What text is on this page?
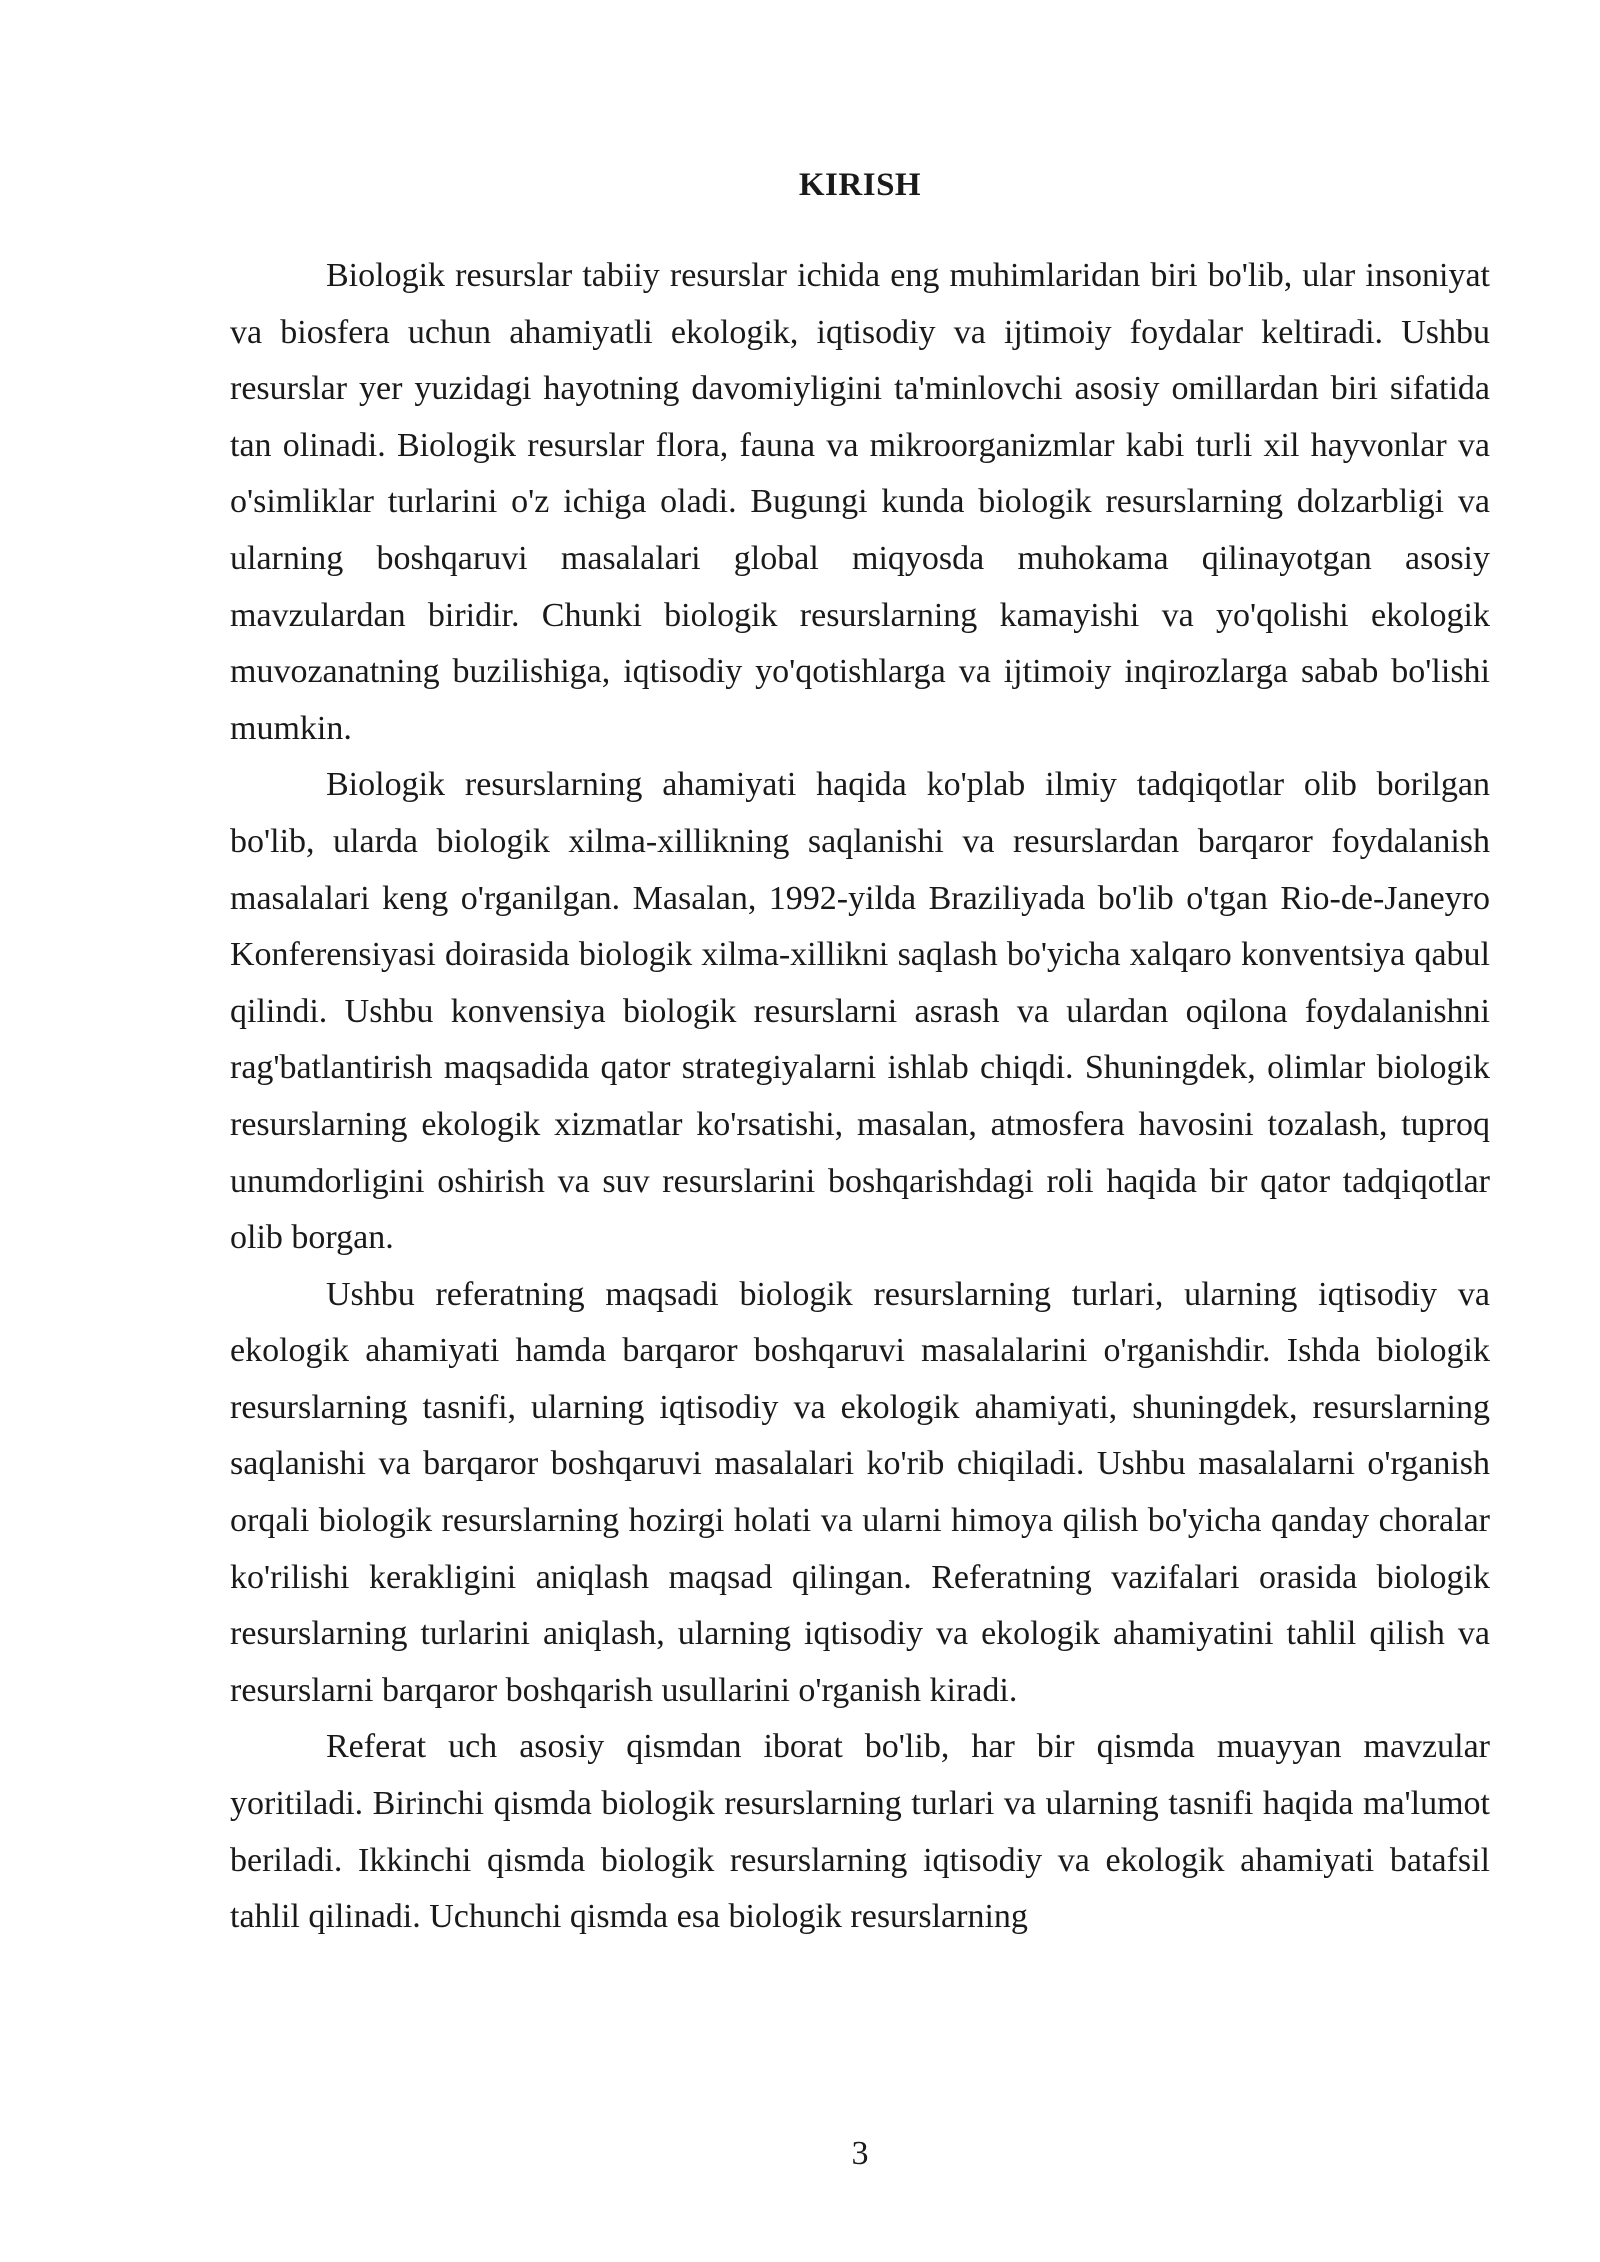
KIRISH

Biologik resurslar tabiiy resurslar ichida eng muhimlaridan biri bo'lib, ular insoniyat va biosfera uchun ahamiyatli ekologik, iqtisodiy va ijtimoiy foydalar keltiradi. Ushbu resurslar yer yuzidagi hayotning davomiyligini ta'minlovchi asosiy omillardan biri sifatida tan olinadi. Biologik resurslar flora, fauna va mikroorganizmlar kabi turli xil hayvonlar va o'simliklar turlarini o'z ichiga oladi. Bugungi kunda biologik resurslarning dolzarbligi va ularning boshqaruvi masalalari global miqyosda muhokama qilinayotgan asosiy mavzulardan biridir. Chunki biologik resurslarning kamayishi va yo'qolishi ekologik muvozanatning buzilishiga, iqtisodiy yo'qotishlarga va ijtimoiy inqirozlarga sabab bo'lishi mumkin.

Biologik resurslarning ahamiyati haqida ko'plab ilmiy tadqiqotlar olib borilgan bo'lib, ularda biologik xilma-xillikning saqlanishi va resurslardan barqaror foydalanish masalalari keng o'rganilgan. Masalan, 1992-yilda Braziliyada bo'lib o'tgan Rio-de-Janeyro Konferensiyasi doirasida biologik xilma-xillikni saqlash bo'yicha xalqaro konventsiya qabul qilindi. Ushbu konvensiya biologik resurslarni asrash va ulardan oqilona foydalanishni rag'batlantirish maqsadida qator strategiyalarni ishlab chiqdi. Shuningdek, olimlar biologik resurslarning ekologik xizmatlar ko'rsatishi, masalan, atmosfera havosini tozalash, tuproq unumdorligini oshirish va suv resurslarini boshqarishdagi roli haqida bir qator tadqiqotlar olib borgan.

Ushbu referatning maqsadi biologik resurslarning turlari, ularning iqtisodiy va ekologik ahamiyati hamda barqaror boshqaruvi masalalarini o'rganishdir. Ishda biologik resurslarning tasnifi, ularning iqtisodiy va ekologik ahamiyati, shuningdek, resurslarning saqlanishi va barqaror boshqaruvi masalalari ko'rib chiqiladi. Ushbu masalalarni o'rganish orqali biologik resurslarning hozirgi holati va ularni himoya qilish bo'yicha qanday choralar ko'rilishi kerakligini aniqlash maqsad qilingan. Referatning vazifalari orasida biologik resurslarning turlarini aniqlash, ularning iqtisodiy va ekologik ahamiyatini tahlil qilish va resurslarni barqaror boshqarish usullarini o'rganish kiradi.

Referat uch asosiy qismdan iborat bo'lib, har bir qismda muayyan mavzular yoritiladi. Birinchi qismda biologik resurslarning turlari va ularning tasnifi haqida ma'lumot beriladi. Ikkinchi qismda biologik resurslarning iqtisodiy va ekologik ahamiyati batafsil tahlil qilinadi. Uchunchi qismda esa biologik resurslarning

3
